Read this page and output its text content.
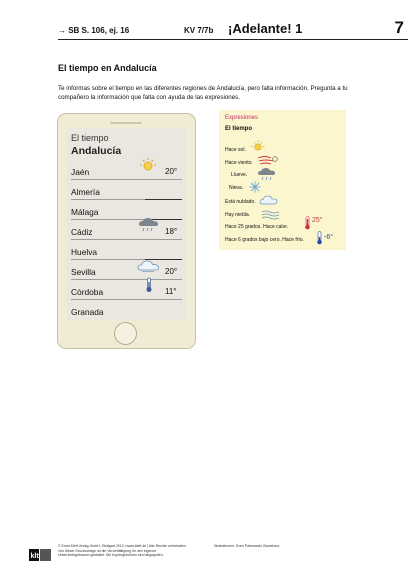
→ SB S. 106, ej. 16	KV 7/7b ¡Adelante! 1	7
El tiempo en Andalucía
Te informas sobre el tiempo en las diferentes regiones de Andalucía, pero falta información. Pregunta a tu compañero la información que falta con ayuda de las expresiones.
El tiempo
Andalucía
Jaén	20°
Almería
Málaga
Cádiz	18°
Huelva
Sevilla	20°
Córdoba	11°
Granada
Expresiones
El tiempo
Hace sol.
Hace viento.
Llueve.
Nieva.
Está nublado.
Hay niebla.
Hace 25 grados. Hace calor.
25°
Hace 6 grados bajo cero. Hace frío.	-6°
klt
© Ernst Klett Verlag GmbH, Stuttgart 2013 | www.klett.de | Alle Rechte vorbehalten. Von dieser Druckvorlage ist die Vervielfältigung für den eigenen Unterrichtsgebrauch gestattet. Die Kopiergebühren sind abgegolten.
Illustrationen: Sven Palmowski, Barcelona
